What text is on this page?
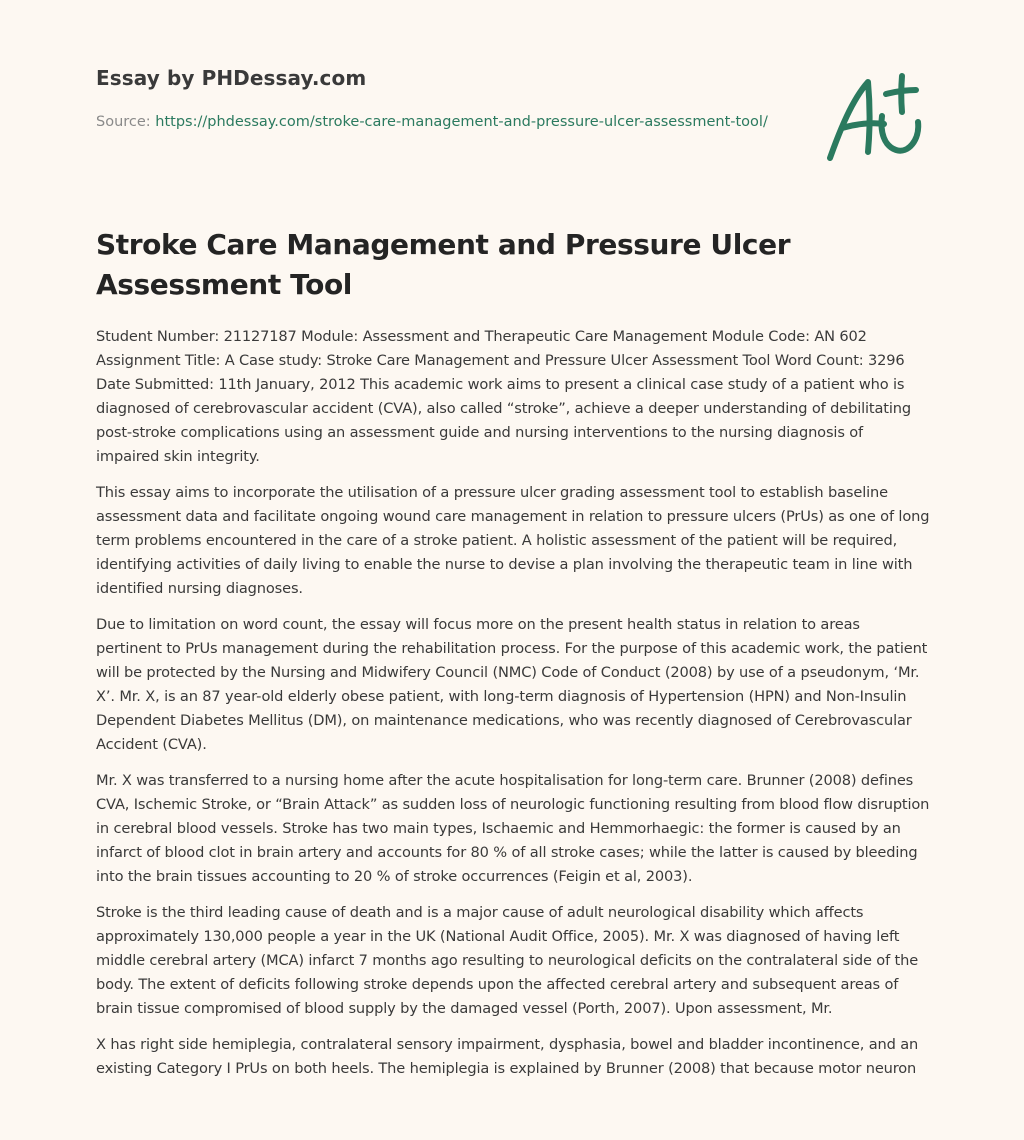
Essay by PHDessay.com
Source: https://phdessay.com/stroke-care-management-and-pressure-ulcer-assessment-tool/
Stroke Care Management and Pressure Ulcer Assessment Tool

Student Number: 21127187 Module: Assessment and Therapeutic Care Management Module Code: AN 602 Assignment Title: A Case study: Stroke Care Management and Pressure Ulcer Assessment Tool Word Count: 3296 Date Submitted: 11th January, 2012 This academic work aims to present a clinical case study of a patient who is diagnosed of cerebrovascular accident (CVA), also called “stroke”, achieve a deeper understanding of debilitating post-stroke complications using an assessment guide and nursing interventions to the nursing diagnosis of impaired skin integrity.

This essay aims to incorporate the utilisation of a pressure ulcer grading assessment tool to establish baseline assessment data and facilitate ongoing wound care management in relation to pressure ulcers (PrUs) as one of long term problems encountered in the care of a stroke patient. A holistic assessment of the patient will be required, identifying activities of daily living to enable the nurse to devise a plan involving the therapeutic team in line with identified nursing diagnoses.

Due to limitation on word count, the essay will focus more on the present health status in relation to areas pertinent to PrUs management during the rehabilitation process. For the purpose of this academic work, the patient will be protected by the Nursing and Midwifery Council (NMC) Code of Conduct (2008) by use of a pseudonym, ‘Mr. X’. Mr. X, is an 87 year-old elderly obese patient, with long-term diagnosis of Hypertension (HPN) and Non-Insulin Dependent Diabetes Mellitus (DM), on maintenance medications, who was recently diagnosed of Cerebrovascular Accident (CVA).

Mr. X was transferred to a nursing home after the acute hospitalisation for long-term care. Brunner (2008) defines CVA, Ischemic Stroke, or “Brain Attack” as sudden loss of neurologic functioning resulting from blood flow disruption in cerebral blood vessels. Stroke has two main types, Ischaemic and Hemmorhaegic: the former is caused by an infarct of blood clot in brain artery and accounts for 80 % of all stroke cases; while the latter is caused by bleeding into the brain tissues accounting to 20 % of stroke occurrences (Feigin et al, 2003).

Stroke is the third leading cause of death and is a major cause of adult neurological disability which affects approximately 130,000 people a year in the UK (National Audit Office, 2005). Mr. X was diagnosed of having left middle cerebral artery (MCA) infarct 7 months ago resulting to neurological deficits on the contralateral side of the body. The extent of deficits following stroke depends upon the affected cerebral artery and subsequent areas of brain tissue compromised of blood supply by the damaged vessel (Porth, 2007). Upon assessment, Mr.

X has right side hemiplegia, contralateral sensory impairment, dysphasia, bowel and bladder incontinence, and an existing Category I PrUs on both heels. The hemiplegia is explained by Brunner (2008) that because motor neuron
